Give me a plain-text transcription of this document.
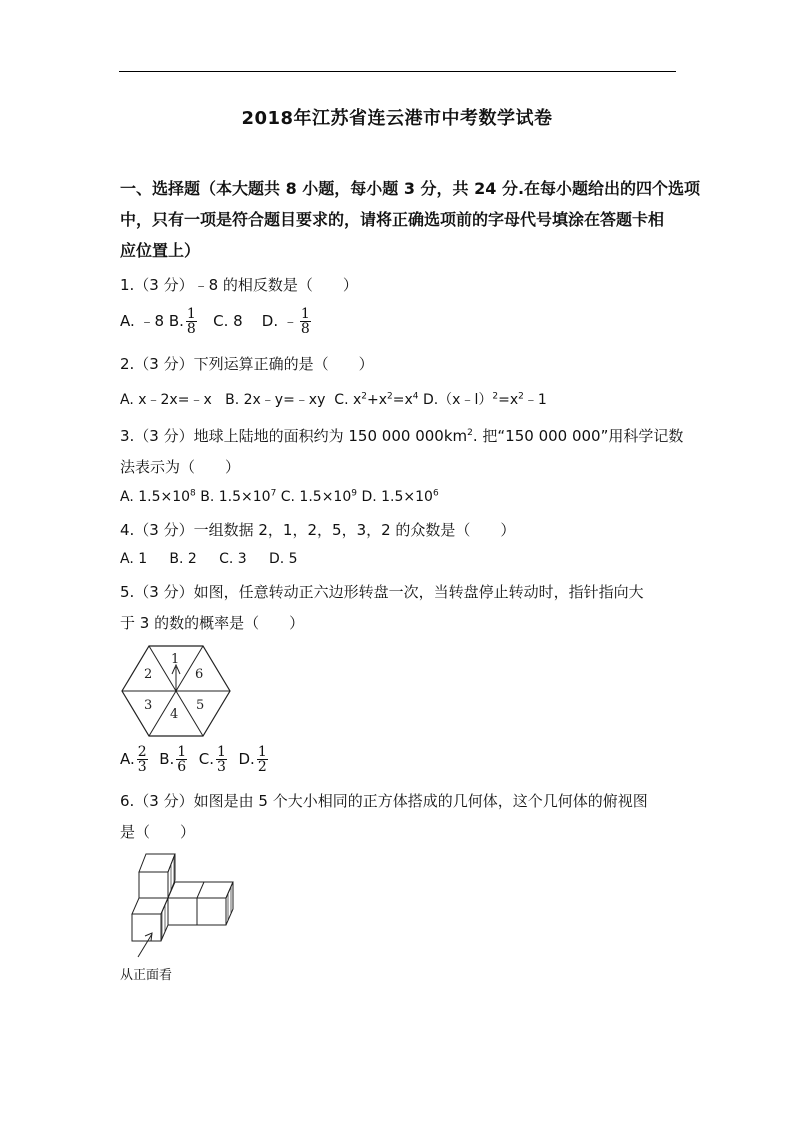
2018年江苏省连云港市中考数学试卷
一、选择题（本大题共 8 小题，每小题 3 分，共 24 分.在每小题给出的四个选项
中，只有一项是符合题目要求的，请将正确选项前的字母代号填涂在答题卡相
应位置上）
1.（3 分）﹣8 的相反数是（　　）
A. ﹣8 B. $\frac{1}{8} C$. 8 D. ﹣ $\frac{1}{8}$
2.（3 分）下列运算正确的是（　　）
A. x﹣2x=﹣x B. 2x﹣y=﹣xy C. $x^2+x^2=x^4$ $D.(x﹣l)^2=x^2﹣1$
3.（3 分）地球上陆地的面积约为 150 000 $000km^2$. 把“150 000 000”用科学记数
法表示为（　　）
A. $1.5\times 10^8$ B. $1.5\times 10^7$ C. $1.5\times 10^9$ D. $1.5\times 10^6$
4.（3 分）一组数据 2，1，2，5，3，2 的众数是（　　）
A. 1 B. 2 C. 3 D. 5
5.（3 分）如图，任意转动正六边形转盘一次，当转盘停止转动时，指针指向大
于 3 的数的概率是（　　）
1
2
3
4
5
6
A. $\frac{2}{3} B$. $\frac{1}{6} C$. $\frac{1}{3} D$. $\frac{1}{2}$
6.（3 分）如图是由 5 个大小相同的正方体搭成的几何体，这个几何体的俯视图
是（　　）
从正面看
